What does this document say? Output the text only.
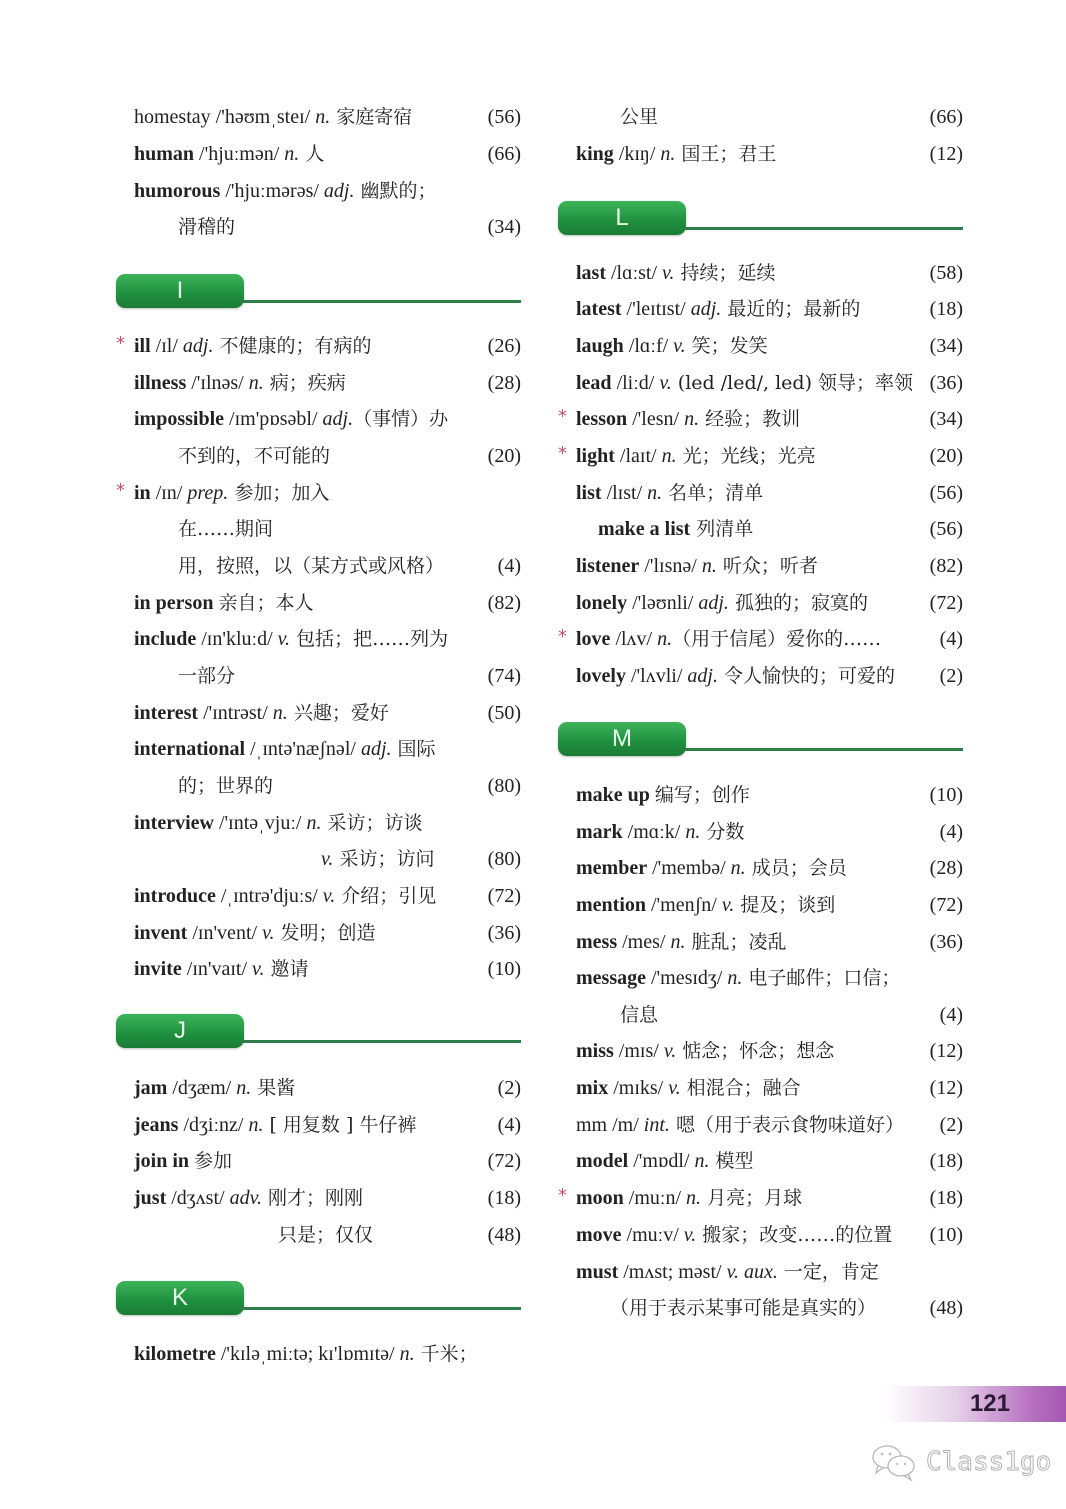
homestay /'həʊmˌsteɪ/ n. 家庭寄宿	(56)
human /'hjuːmən/ n. 人	(66)
humorous /'hjuːmərəs/ adj. 幽默的；
滑稽的	(34)
I
* ill /ɪl/ adj. 不健康的；有病的	(26)
illness /'ɪlnəs/ n. 病；疾病	(28)
impossible /ɪm'pɒsəbl/ adj.（事情）办
不到的，不可能的	(20)
* in /ɪn/ prep. 参加；加入
在……期间
用，按照，以（某方式或风格）	(4)
in person 亲自；本人	(82)
include /ɪn'kluːd/ v. 包括；把……列为
一部分	(74)
interest /'ɪntrəst/ n. 兴趣；爱好	(50)
international /ˌɪntə'næʃnəl/ adj. 国际
的；世界的	(80)
interview /'ɪntəˌvjuː/ n. 采访；访谈
v. 采访；访问	(80)
introduce /ˌɪntrə'djuːs/ v. 介绍；引见	(72)
invent /ɪn'vent/ v. 发明；创造	(36)
invite /ɪn'vaɪt/ v. 邀请	(10)
J
jam /dʒæm/ n. 果酱	(2)
jeans /dʒiːnz/ n. [ 用复数 ] 牛仔裤	(4)
join in 参加	(72)
just /dʒʌst/ adv. 刚才；刚刚	(18)
只是；仅仅	(48)
K
kilometre /'kɪləˌmiːtə; kɪ'lɒmɪtə/ n. 千米；
公里	(66)
king /kɪŋ/ n. 国王；君王	(12)
L
last /lɑːst/ v. 持续；延续	(58)
latest /'leɪtɪst/ adj. 最近的；最新的	(18)
laugh /lɑːf/ v. 笑；发笑	(34)
lead /liːd/ v. (led /led/, led) 领导；率领 (36)
* lesson /'lesn/ n. 经验；教训	(34)
* light /laɪt/ n. 光；光线；光亮	(20)
list /lɪst/ n. 名单；清单	(56)
make a list 列清单	(56)
listener /'lɪsnə/ n. 听众；听者	(82)
lonely /'ləʊnli/ adj. 孤独的；寂寞的	(72)
* love /lʌv/ n.（用于信尾）爱你的……	(4)
lovely /'lʌvli/ adj. 令人愉快的；可爱的 (2)
M
make up 编写；创作	(10)
mark /mɑːk/ n. 分数	(4)
member /'membə/ n. 成员；会员	(28)
mention /'menʃn/ v. 提及；谈到	(72)
mess /mes/ n. 脏乱；凌乱	(36)
message /'mesɪdʒ/ n. 电子邮件；口信；
信息	(4)
miss /mɪs/ v. 惦念；怀念；想念	(12)
mix /mɪks/ v. 相混合；融合	(12)
mm /m/ int. 嗯（用于表示食物味道好） (2)
model /'mɒdl/ n. 模型	(18)
* moon /muːn/ n. 月亮；月球	(18)
move /muːv/ v. 搬家；改变……的位置 (10)
must /mʌst; məst/ v. aux. 一定，肯定
（用于表示某事可能是真实的）	(48)
121
Class1go
